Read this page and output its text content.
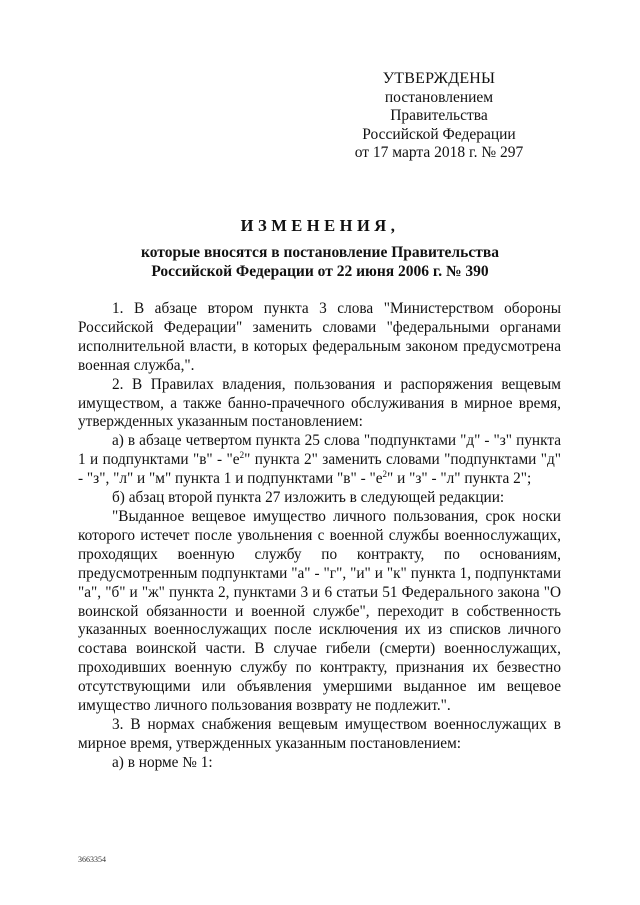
УТВЕРЖДЕНЫ
постановлением Правительства
Российской Федерации
от 17 марта 2018 г. № 297
ИЗМЕНЕНИЯ,
которые вносятся в постановление Правительства
Российской Федерации от 22 июня 2006 г. № 390

1. В абзаце втором пункта 3 слова "Министерством обороны Российской Федерации" заменить словами "федеральными органами исполнительной власти, в которых федеральным законом предусмотрена военная служба,".

2. В Правилах владения, пользования и распоряжения вещевым имуществом, а также банно-прачечного обслуживания в мирное время, утвержденных указанным постановлением:

а) в абзаце четвертом пункта 25 слова "подпунктами "д" - "з" пункта 1 и подпунктами "в" - "$е^2$" пункта 2" заменить словами "подпунктами "д" - "з", "л" и "м" пункта 1 и подпунктами "в" - "$е^2$" и "з" - "л" пункта 2";

б) абзац второй пункта 27 изложить в следующей редакции:

"Выданное вещевое имущество личного пользования, срок носки которого истечет после увольнения с военной службы военнослужащих, проходящих военную службу по контракту, по основаниям, предусмотренным подпунктами "а" - "г", "и" и "к" пункта 1, подпунктами "а", "б" и "ж" пункта 2, пунктами 3 и 6 статьи 51 Федерального закона "О воинской обязанности и военной службе", переходит в собственность указанных военнослужащих после исключения их из списков личного состава воинской части. В случае гибели (смерти) военнослужащих, проходивших военную службу по контракту, признания их безвестно отсутствующими или объявления умершими выданное им вещевое имущество личного пользования возврату не подлежит.".

3. В нормах снабжения вещевым имуществом военнослужащих в мирное время, утвержденных указанным постановлением:

а) в норме № 1:

3663354
